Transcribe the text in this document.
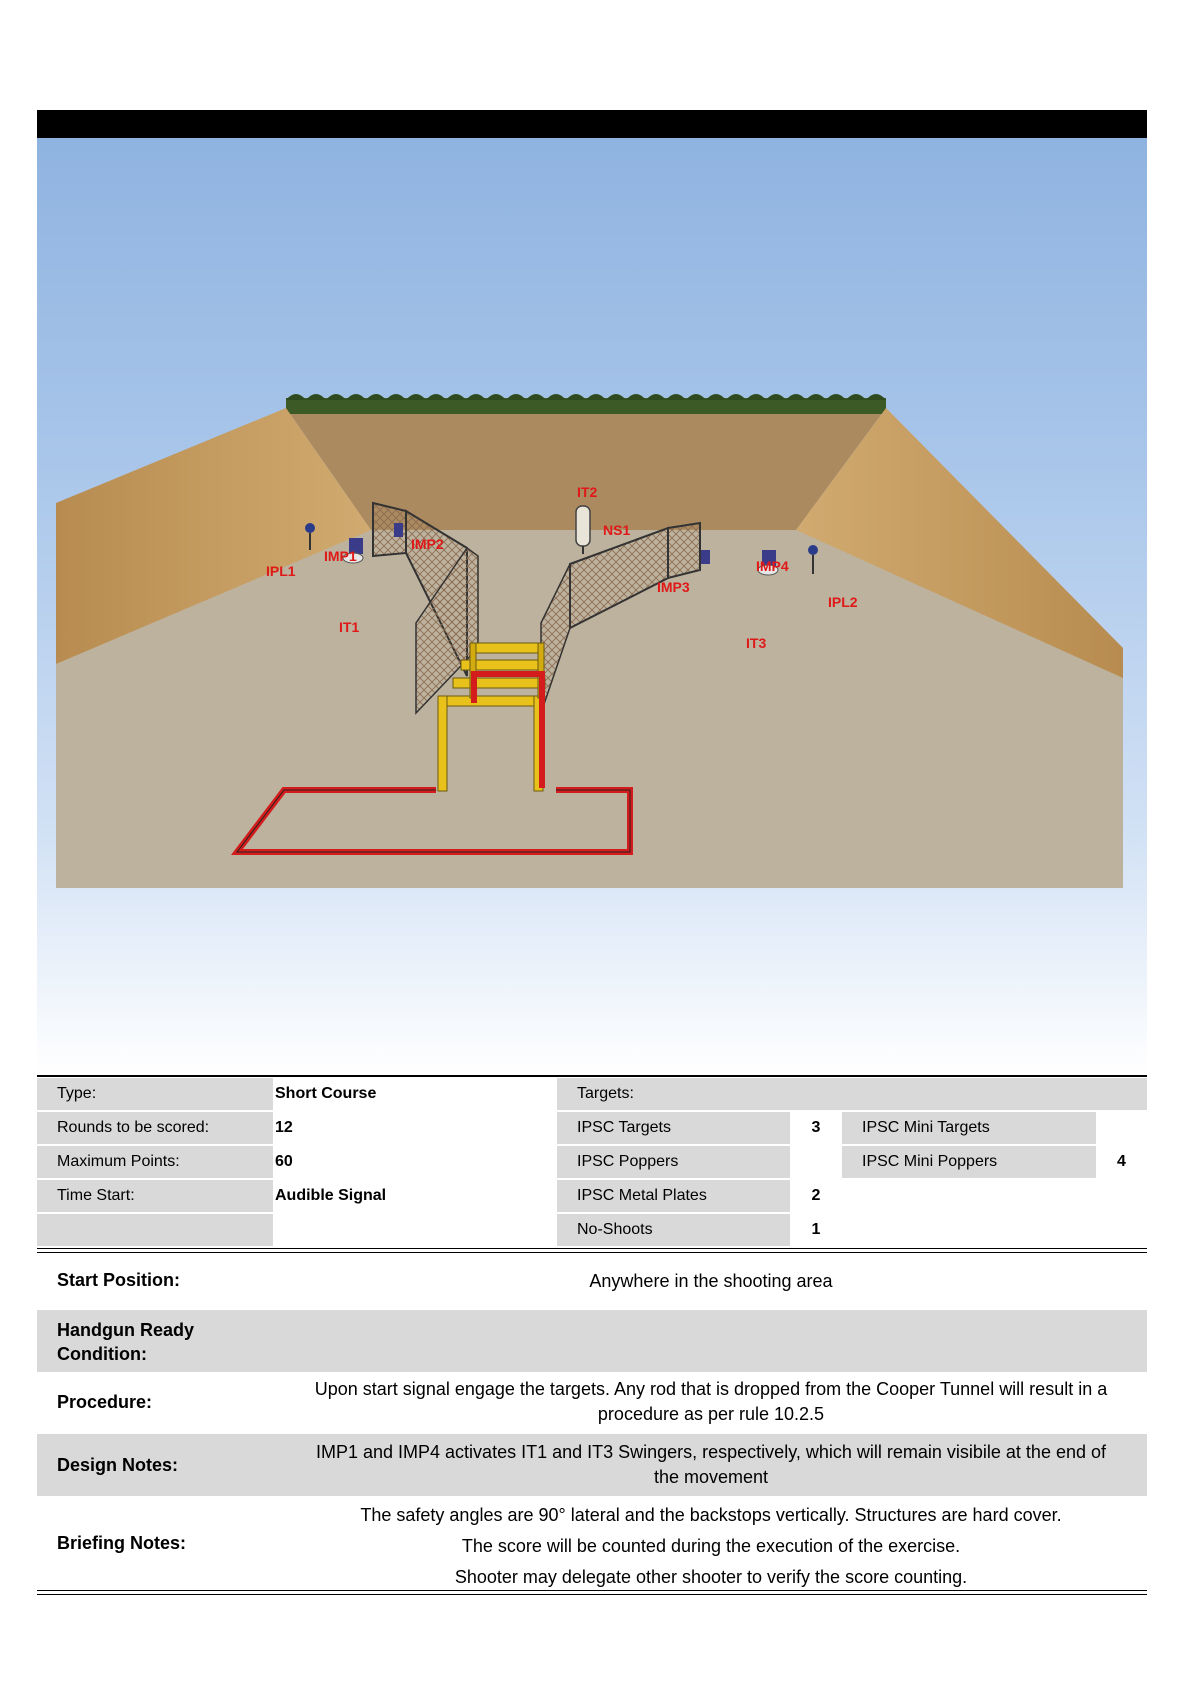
IT2
NS1
IMP1
IMP2
IPL1
IT1
IMP3
IMP4
IPL2
IT3
Type:
Rounds to be scored:
Maximum Points:
Time Start:
Short Course
12
60
Audible Signal
Targets:
IPSC Targets
IPSC Poppers
IPSC Metal Plates
No-Shoots
3
2
1
IPSC Mini Targets
IPSC Mini Poppers	4
Start Position:	Anywhere in the shooting area
Handgun Ready
Condition:
Procedure:
Upon start signal engage the targets. Any rod that is dropped from the Cooper Tunnel will result in a
procedure as per rule 10.2.5
Design Notes:
IMP1 and IMP4 activates IT1 and IT3 Swingers, respectively, which will remain visibile at the end of
the movement
Briefing Notes:
The safety angles are 90° lateral and the backstops vertically. Structures are hard cover.
The score will be counted during the execution of the exercise.
Shooter may delegate other shooter to verify the score counting.
